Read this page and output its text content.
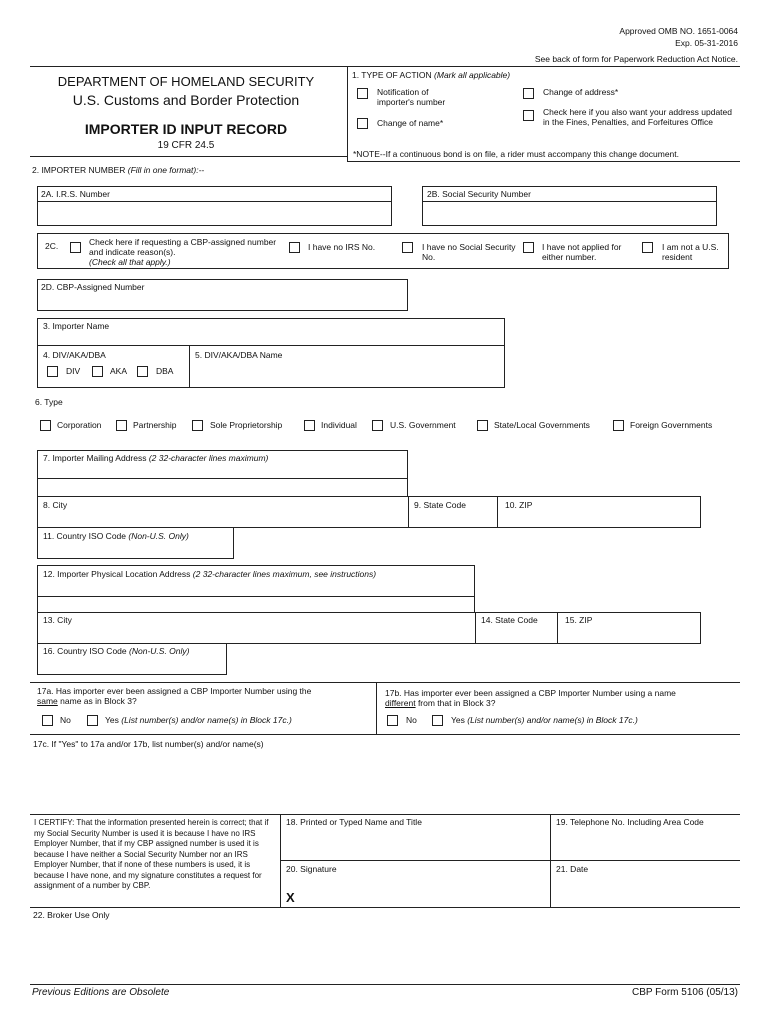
Approved OMB NO. 1651-0064
Exp. 05-31-2016
See back of form for Paperwork Reduction Act Notice.
DEPARTMENT OF HOMELAND SECURITY
U.S. Customs and Border Protection
IMPORTER ID INPUT RECORD
19 CFR 24.5
1. TYPE OF ACTION (Mark all applicable)
Notification of importer's number
Change of address*
Change of name*
Check here if you also want your address updated in the Fines, Penalties, and Forfeitures Office
*NOTE--If a continuous bond is on file, a rider must accompany this change document.
2. IMPORTER NUMBER (Fill in one format):--
2A. I.R.S. Number	2B. Social Security Number
2C.	Check here if requesting a CBP-assigned number and indicate reason(s).
(Check all that apply.)
I have no IRS No.	I have no Social Security No.
I have not applied for either number.
I am not a U.S. resident
2D. CBP-Assigned Number
3. Importer Name
4. DIV/AKA/DBA
DIV	AKA	DBA
5. DIV/AKA/DBA Name
6. Type
Corporation	Partnership	Sole Proprietorship	Individual	U.S. Government	State/Local Governments	Foreign Governments
7. Importer Mailing Address (2 32-character lines maximum)
8. City	9. State Code	10. ZIP
11. Country ISO Code (Non-U.S. Only)
12. Importer Physical Location Address (2 32-character lines maximum, see instructions)
13. City	14. State Code	15. ZIP
16. Country ISO Code (Non-U.S. Only)
17a. Has importer ever been assigned a CBP Importer Number using the
same name as in Block 3?
No	Yes (List number(s) and/or name(s) in Block 17c.)
17b. Has importer ever been assigned a CBP Importer Number using a name
different from that in Block 3?
No	Yes (List number(s) and/or name(s) in Block 17c.)
17c. If "Yes" to 17a and/or 17b, list number(s) and/or name(s)
I CERTIFY: That the information presented herein is correct; that if my Social Security Number is used it is because I have no IRS Employer Number, that if my CBP assigned number is used it is because I have neither a Social Security Number nor an IRS Employer Number, that if none of these numbers is used, it is because I have none, and my signature constitutes a request for assignment of a number by CBP.
18. Printed or Typed Name and Title	19. Telephone No. Including Area Code
20. Signature
X
21. Date
22. Broker Use Only
Previous Editions are Obsolete	CBP Form 5106 (05/13)
